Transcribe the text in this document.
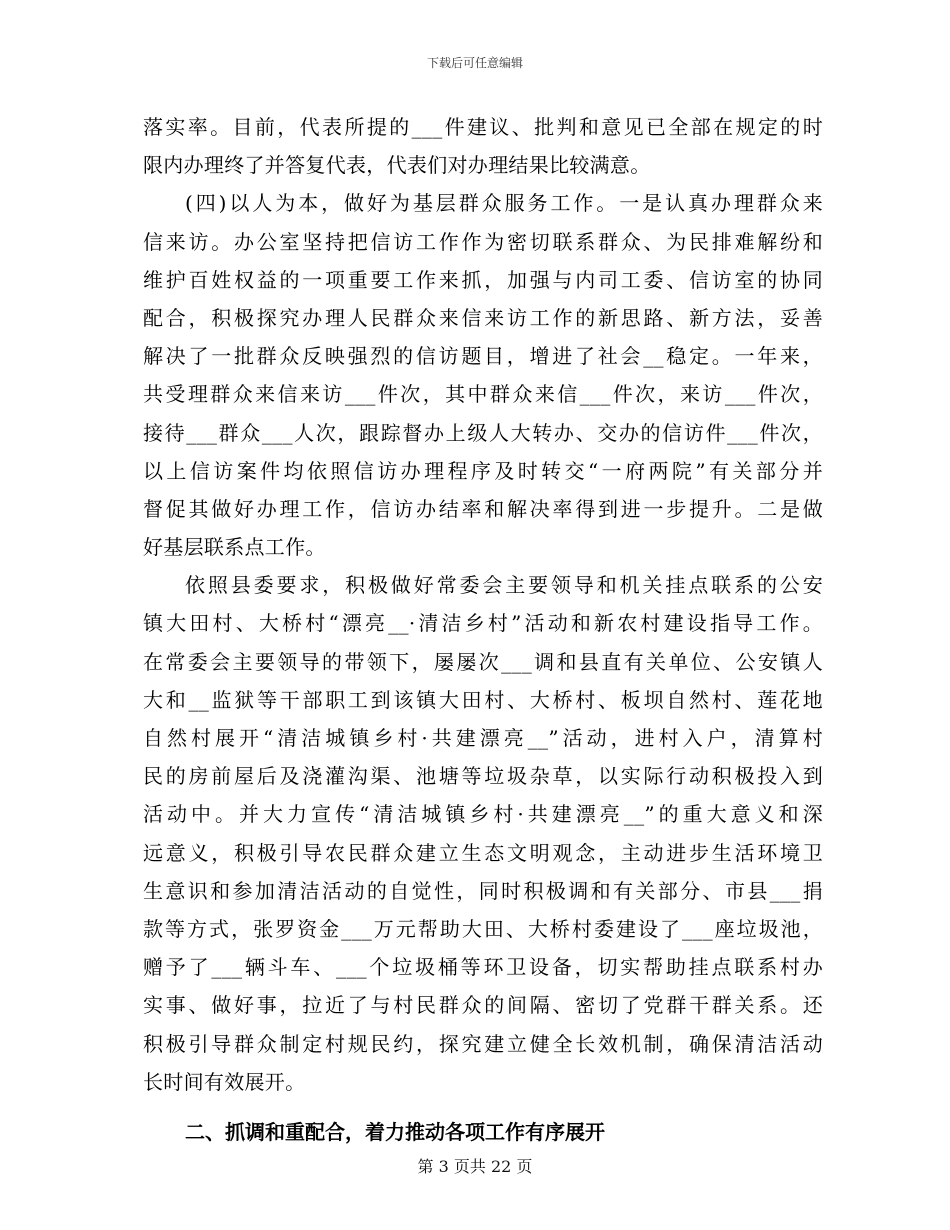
下载后可任意编辑
落实率。目前，代表所提的___件建议、批判和意见已全部在规定的时
限内办理终了并答复代表，代表们对办理结果比较满意。
(四)以人为本，做好为基层群众服务工作。一是认真办理群众来
信来访。办公室坚持把信访工作作为密切联系群众、为民排难解纷和
维护百姓权益的一项重要工作来抓，加强与内司工委、信访室的协同
配合，积极探究办理人民群众来信来访工作的新思路、新方法，妥善
解决了一批群众反映强烈的信访题目，增进了社会__稳定。一年来，
共受理群众来信来访___件次，其中群众来信___件次，来访___件次，
接待___群众___人次，跟踪督办上级人大转办、交办的信访件___件次，
以上信访案件均依照信访办理程序及时转交“一府两院”有关部分并
督促其做好办理工作，信访办结率和解决率得到进一步提升。二是做
好基层联系点工作。
依照县委要求，积极做好常委会主要领导和机关挂点联系的公安
镇大田村、大桥村“漂亮__·清洁乡村”活动和新农村建设指导工作。
在常委会主要领导的带领下，屡屡次___调和县直有关单位、公安镇人
大和__监狱等干部职工到该镇大田村、大桥村、板坝自然村、莲花地
自然村展开“清洁城镇乡村·共建漂亮__”活动，进村入户，清算村
民的房前屋后及浇灌沟渠、池塘等垃圾杂草，以实际行动积极投入到
活动中。并大力宣传“清洁城镇乡村·共建漂亮__”的重大意义和深
远意义，积极引导农民群众建立生态文明观念，主动进步生活环境卫
生意识和参加清洁活动的自觉性，同时积极调和有关部分、市县___捐
款等方式，张罗资金___万元帮助大田、大桥村委建设了___座垃圾池，
赠予了___辆斗车、___个垃圾桶等环卫设备，切实帮助挂点联系村办
实事、做好事，拉近了与村民群众的间隔、密切了党群干群关系。还
积极引导群众制定村规民约，探究建立健全长效机制，确保清洁活动
长时间有效展开。
二、抓调和重配合，着力推动各项工作有序展开
第 3 页共 22 页
